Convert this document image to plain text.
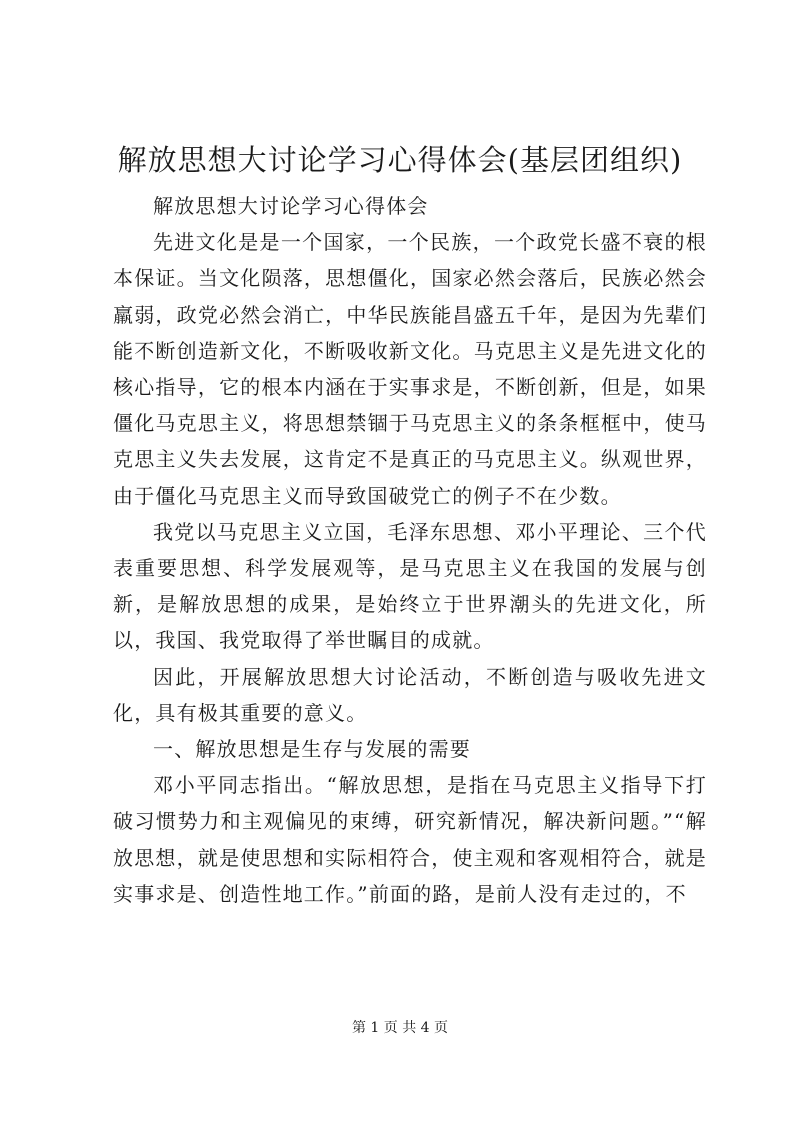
解放思想大讨论学习心得体会(基层团组织)

解放思想大讨论学习心得体会

先进文化是是一个国家，一个民族，一个政党长盛不衰的根本保证。当文化陨落，思想僵化，国家必然会落后，民族必然会羸弱，政党必然会消亡，中华民族能昌盛五千年，是因为先辈们能不断创造新文化，不断吸收新文化。马克思主义是先进文化的核心指导，它的根本内涵在于实事求是，不断创新，但是，如果僵化马克思主义，将思想禁锢于马克思主义的条条框框中，使马克思主义失去发展，这肯定不是真正的马克思主义。纵观世界，由于僵化马克思主义而导致国破党亡的例子不在少数。

我党以马克思主义立国，毛泽东思想、邓小平理论、三个代表重要思想、科学发展观等，是马克思主义在我国的发展与创新，是解放思想的成果，是始终立于世界潮头的先进文化，所以，我国、我党取得了举世瞩目的成就。

因此，开展解放思想大讨论活动，不断创造与吸收先进文化，具有极其重要的意义。

一、解放思想是生存与发展的需要

邓小平同志指出。“解放思想，是指在马克思主义指导下打破习惯势力和主观偏见的束缚，研究新情况，解决新问题。”“解放思想，就是使思想和实际相符合，使主观和客观相符合，就是实事求是、创造性地工作。”前面的路，是前人没有走过的，不

第 1 页 共 4 页
